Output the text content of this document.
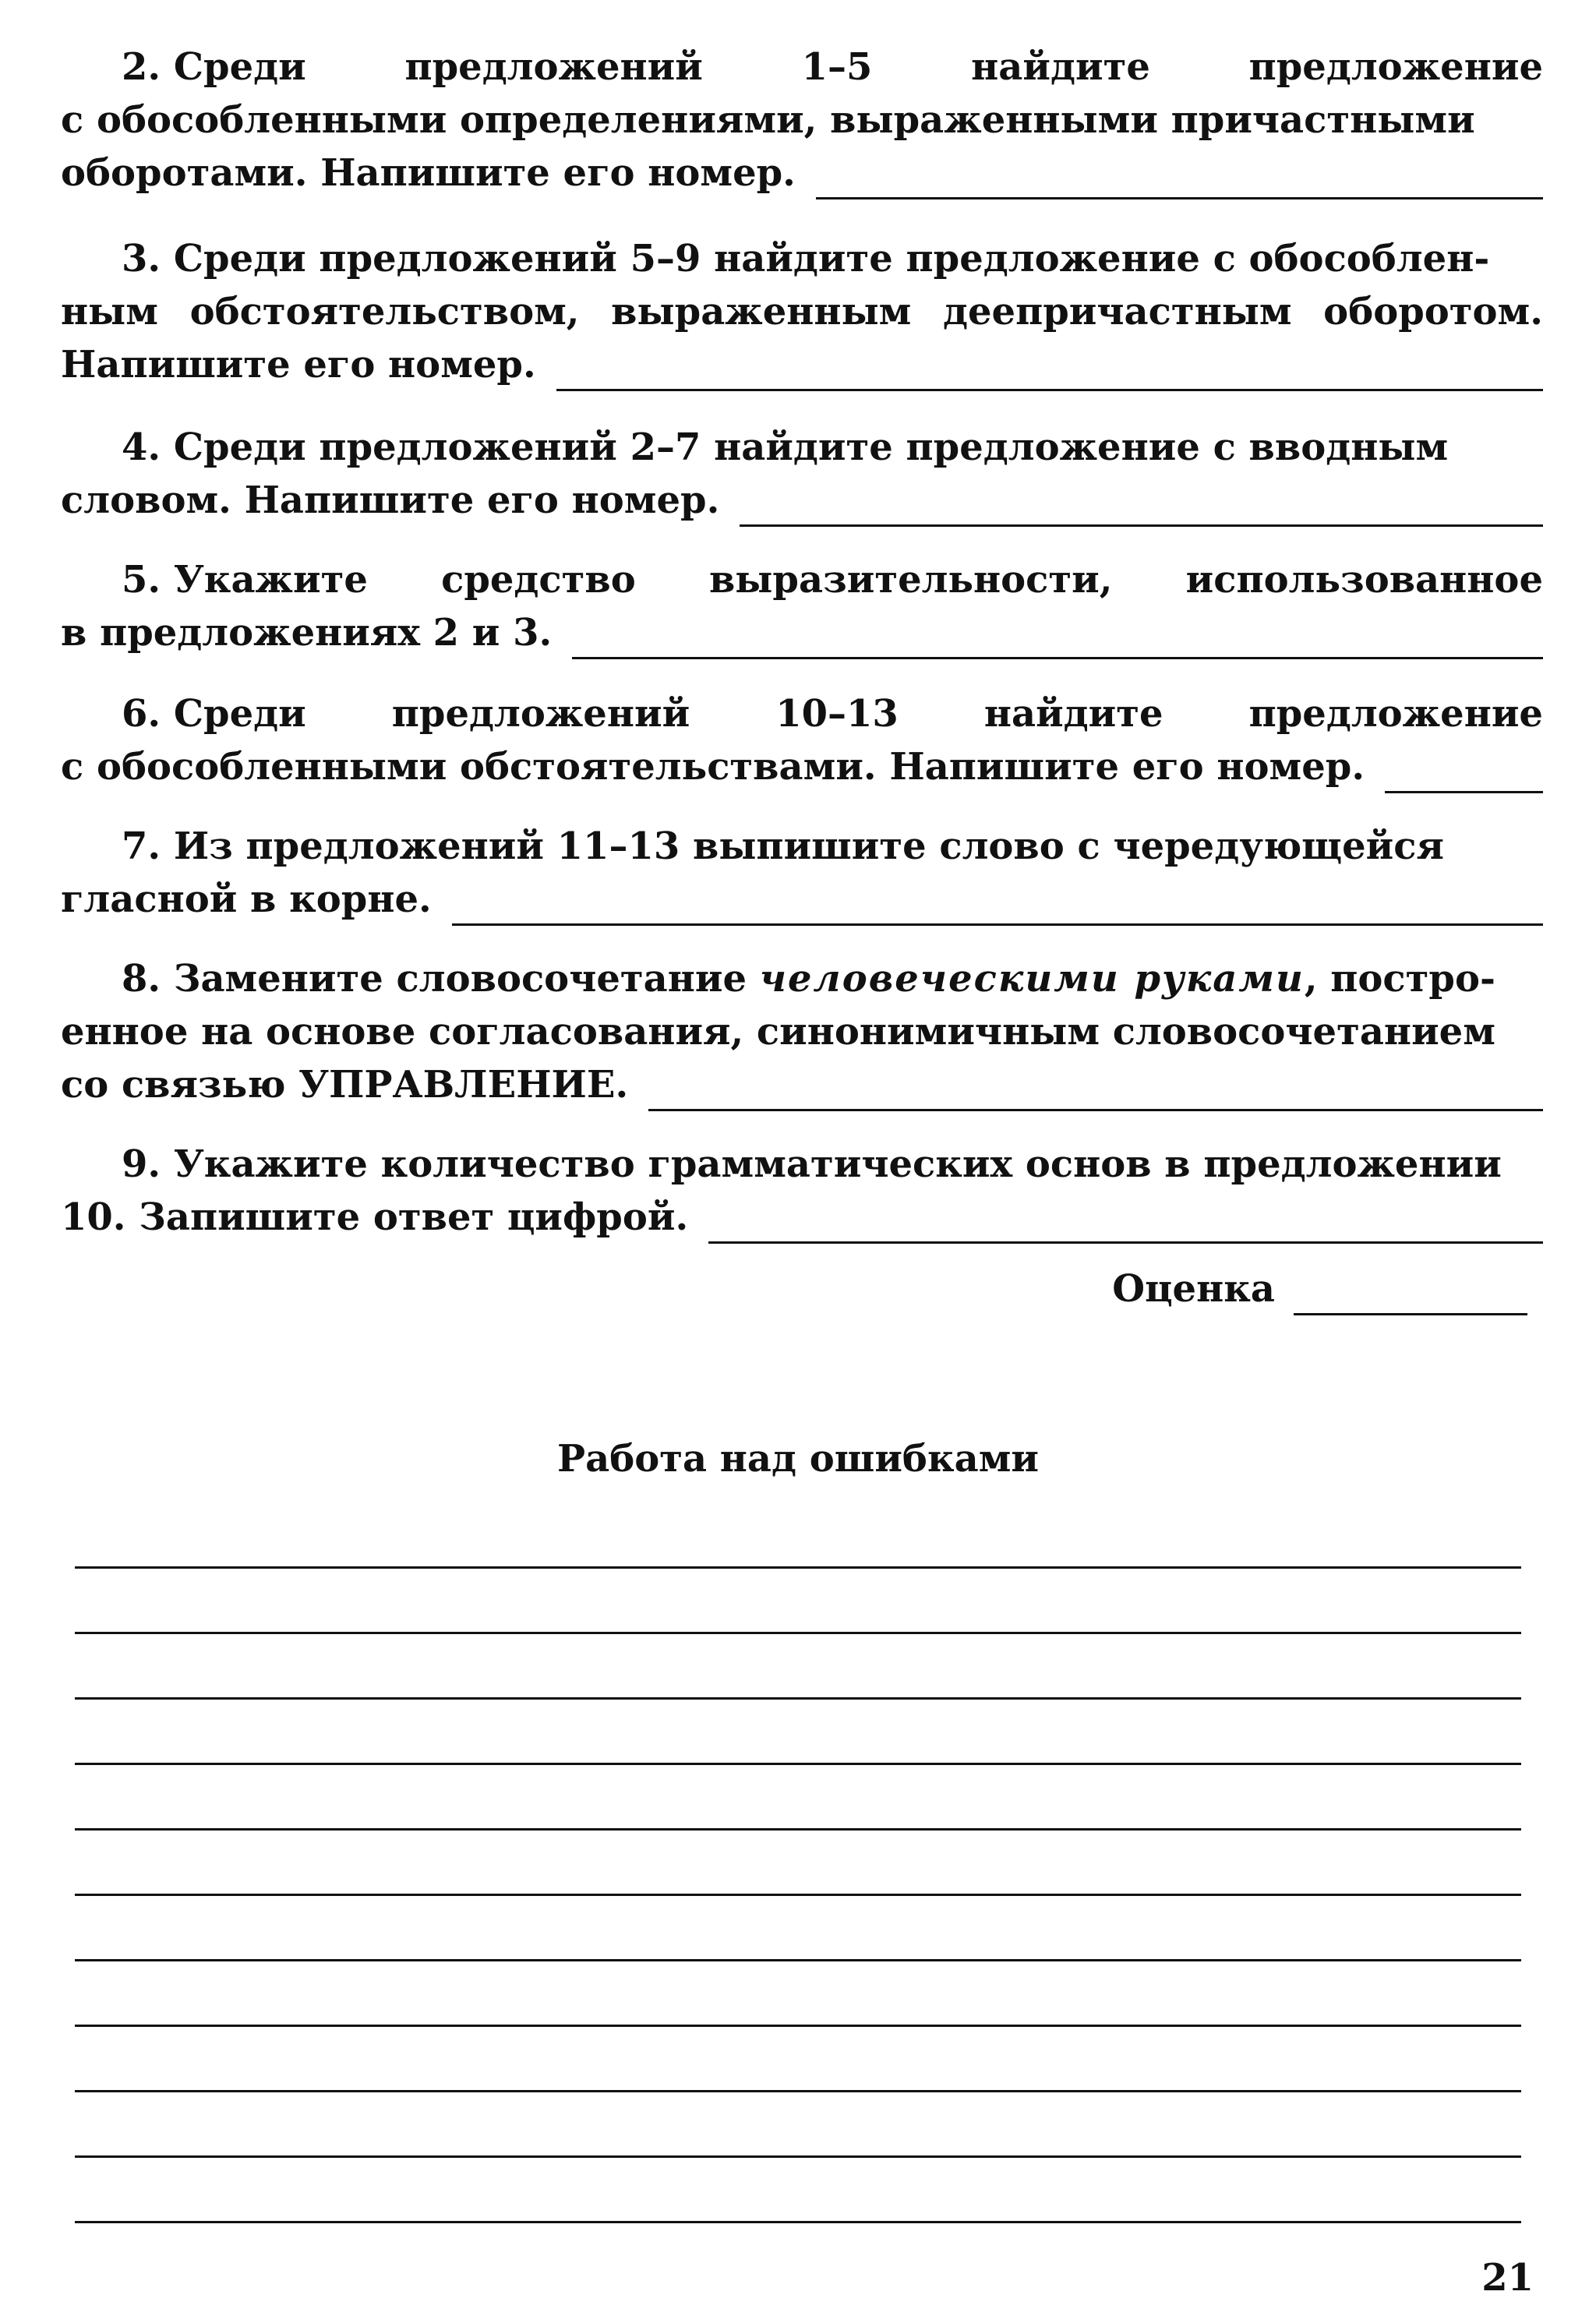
2. Среди	предложений	1–5	найдите	предложение
с обособленными определениями, выраженными причастными
оборотами. Напишите его номер.
3. Среди предложений 5–9 найдите предложение с обособлен-
ным обстоятельством, выраженным деепричастным оборотом.
Напишите его номер.
4. Среди предложений 2–7 найдите предложение с вводным
словом. Напишите его номер.
5. Укажите средство выразительности, использованное
в предложениях 2 и 3.
6. Среди предложений 10–13 найдите предложение
с обособленными обстоятельствами. Напишите его номер.
7. Из предложений 11–13 выпишите слово с чередующейся
гласной в корне.
8. Замените словосочетание человеческими руками, постро-
енное на основе согласования, синонимичным словосочетанием
со связью УПРАВЛЕНИЕ.
9. Укажите количество грамматических основ в предложении
10. Запишите ответ цифрой.
Оценка
Работа над ошибками
21
